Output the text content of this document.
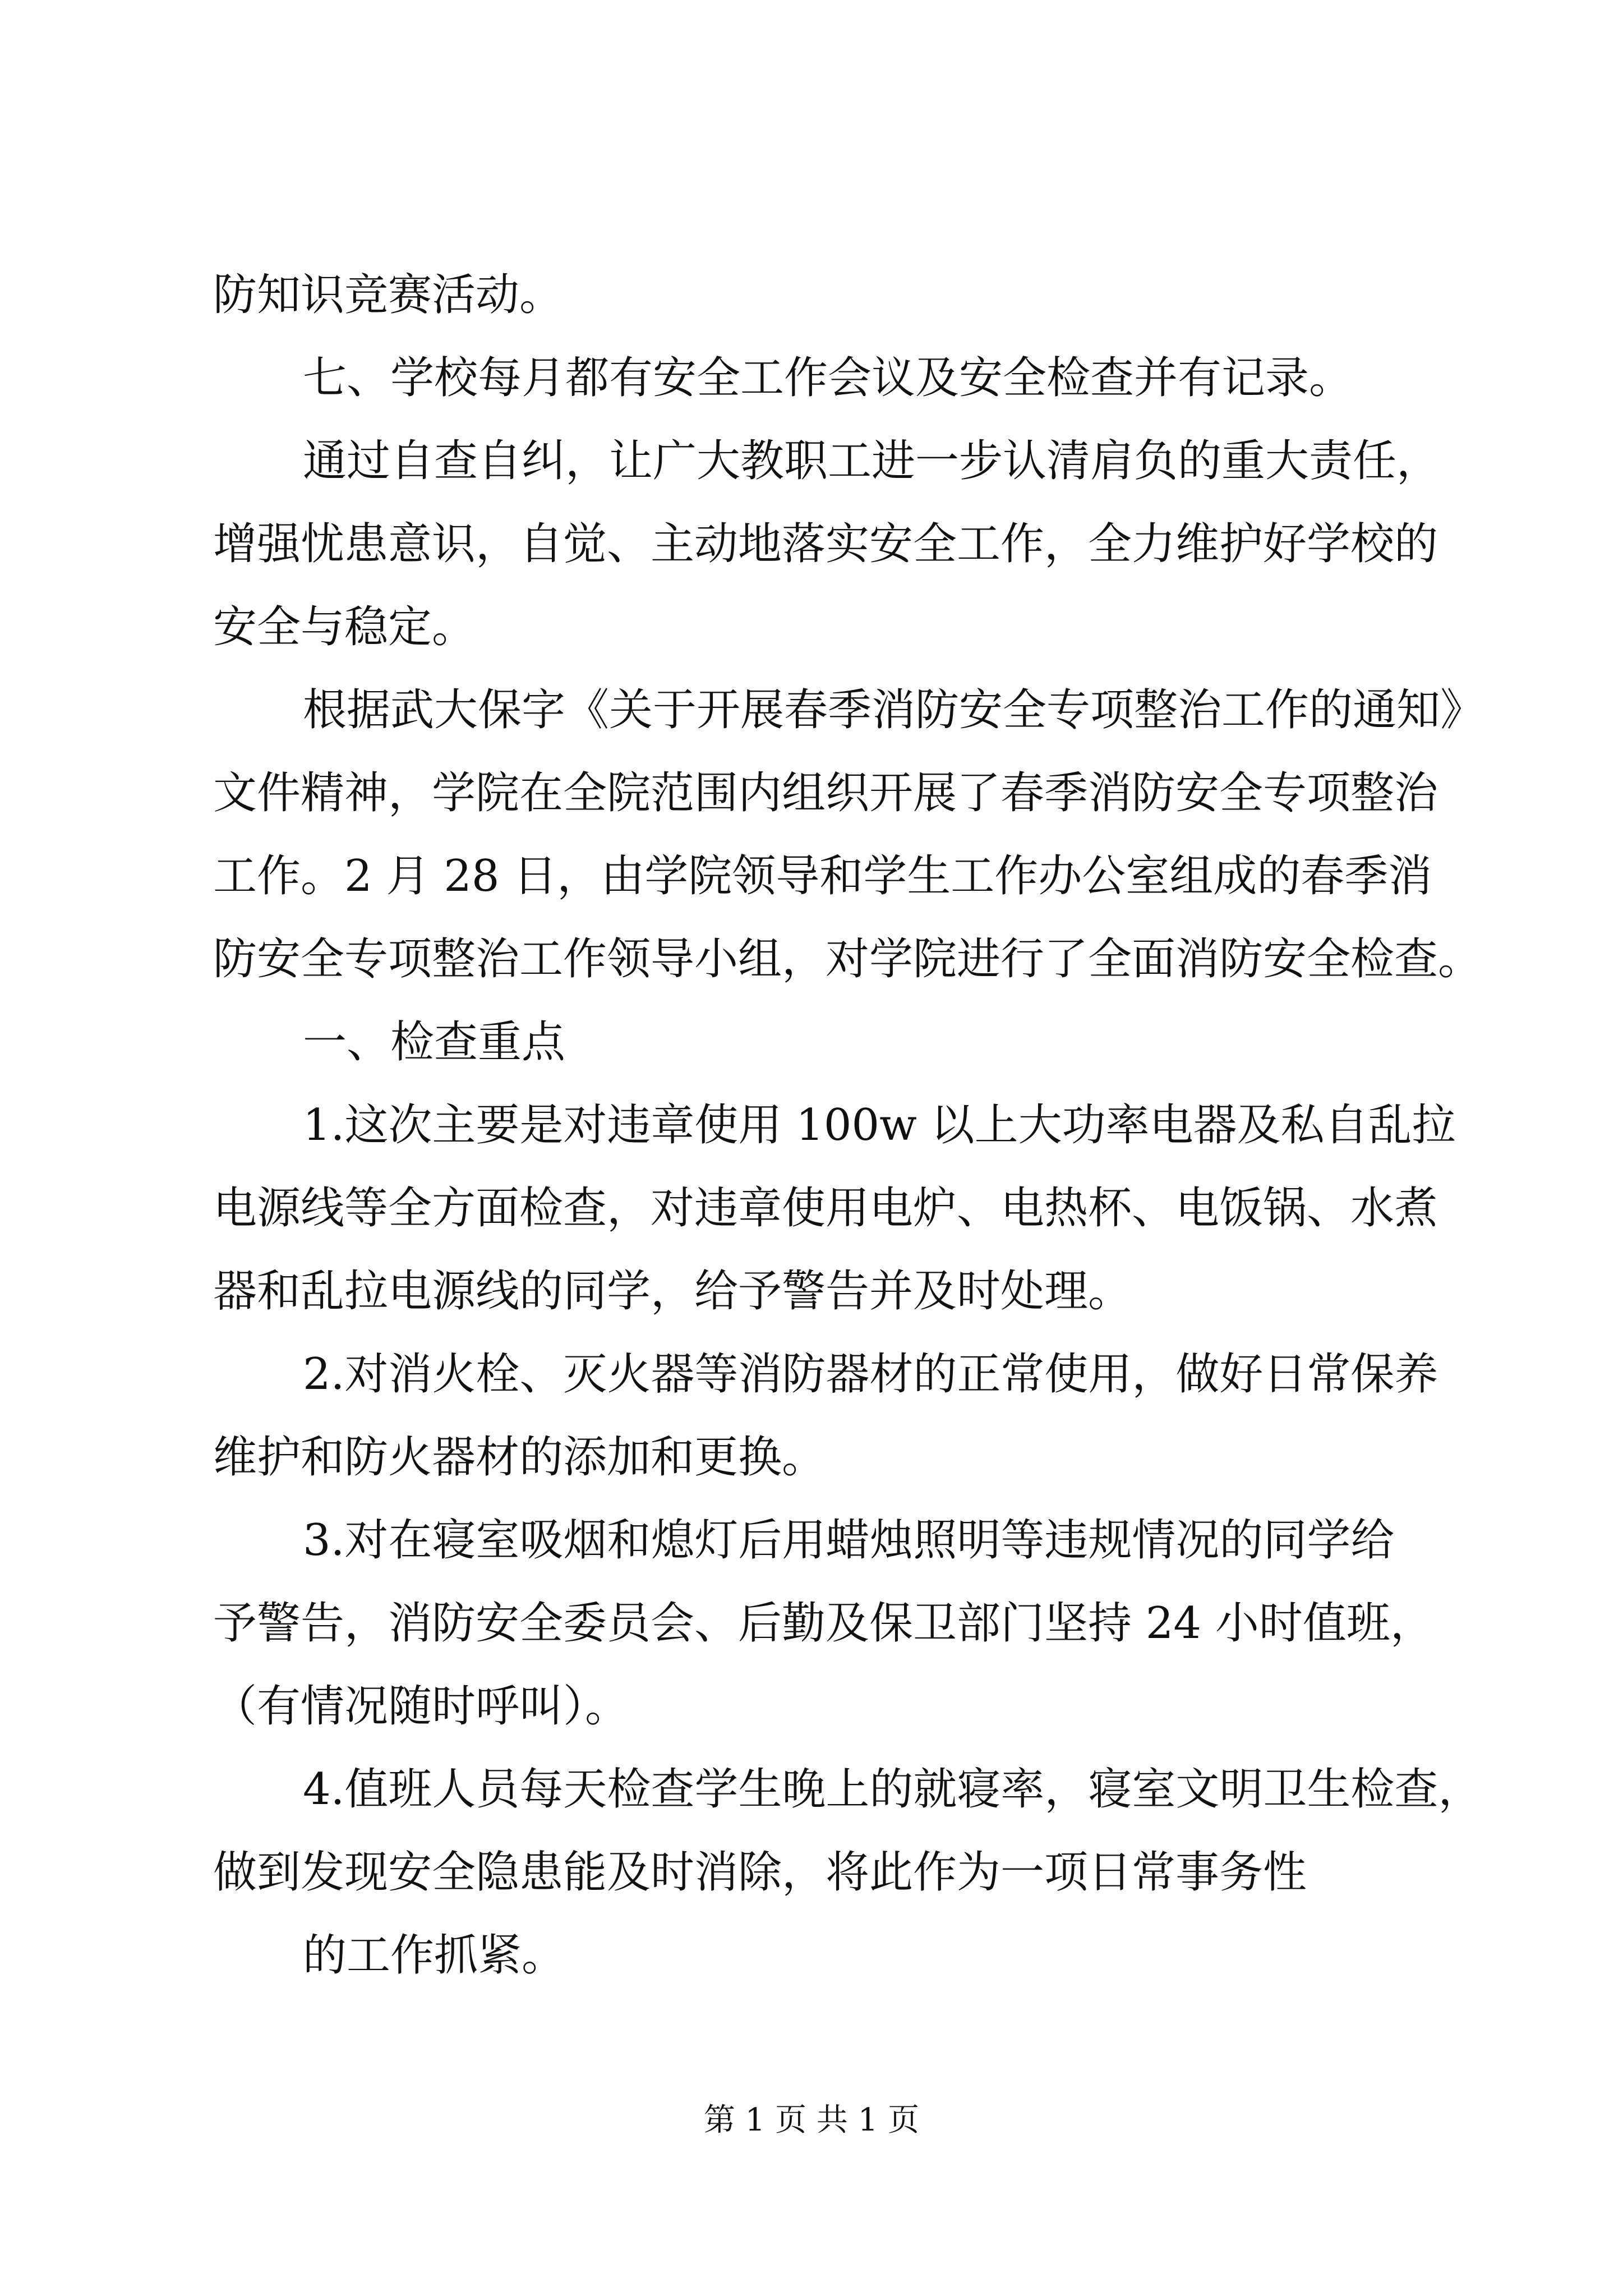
防知识竞赛活动。
七、学校每月都有安全工作会议及安全检查并有记录。
通过自查自纠，让广大教职工进一步认清肩负的重大责任，
增强忧患意识，自觉、主动地落实安全工作，全力维护好学校的
安全与稳定。
根据武大保字《关于开展春季消防安全专项整治工作的通知》
文件精神，学院在全院范围内组织开展了春季消防安全专项整治
工作。2 月 28 日，由学院领导和学生工作办公室组成的春季消
防安全专项整治工作领导小组，对学院进行了全面消防安全检查。
一、检查重点
1.这次主要是对违章使用 100w 以上大功率电器及私自乱拉
电源线等全方面检查，对违章使用电炉、电热杯、电饭锅、水煮
器和乱拉电源线的同学，给予警告并及时处理。
2.对消火栓、灭火器等消防器材的正常使用，做好日常保养
维护和防火器材的添加和更换。
3.对在寝室吸烟和熄灯后用蜡烛照明等违规情况的同学给
予警告，消防安全委员会、后勤及保卫部门坚持 24 小时值班，
（有情况随时呼叫）。
4.值班人员每天检查学生晚上的就寝率，寝室文明卫生检查，
做到发现安全隐患能及时消除，将此作为一项日常事务性
的工作抓紧。
第 1 页 共 1 页
